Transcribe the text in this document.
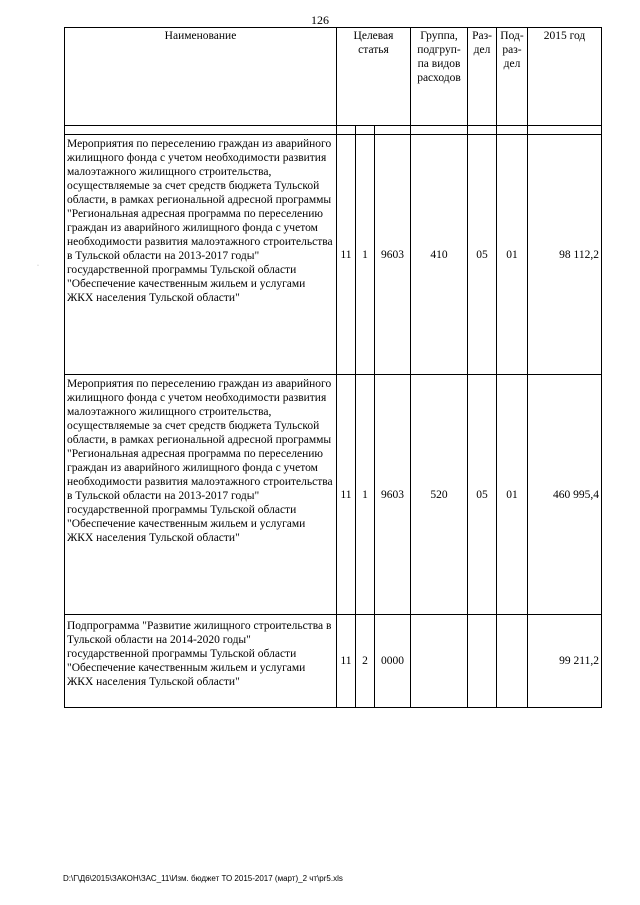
126
·
Наименование	Целевая статья			Группа, подгруп-па видов расходов	Раз-дел	Под-раз-дел	2015 год

Мероприятия по переселению граждан из аварийного жилищного фонда с учетом необходимости развития малоэтажного жилищного строительства, осуществляемые за счет средств бюджета Тульской области, в рамках региональной адресной программы "Региональная адресная программа по переселению граждан из аварийного жилищного фонда с учетом необходимости развития малоэтажного строительства в Тульской области на 2013-2017 годы" государственной программы Тульской области "Обеспечение качественным жильем и услугами ЖКХ населения Тульской области"	11	1	9603	410	05	01	98 112,2
Мероприятия по переселению граждан из аварийного жилищного фонда с учетом необходимости развития малоэтажного жилищного строительства, осуществляемые за счет средств бюджета Тульской области, в рамках региональной адресной программы "Региональная адресная программа по переселению граждан из аварийного жилищного фонда с учетом необходимости развития малоэтажного строительства в Тульской области на 2013-2017 годы" государственной программы Тульской области "Обеспечение качественным жильем и услугами ЖКХ населения Тульской области"	11	1	9603	520	05	01	460 995,4
Подпрограмма "Развитие жилищного строительства в Тульской области на 2014-2020 годы" государственной программы Тульской области "Обеспечение качественным жильем и услугами ЖКХ населения Тульской области"	11	2	0000				99 211,2
D:\Г\Д6\2015\ЗАКОН\ЗАС_11\Изм. бюджет ТО 2015-2017 (март)_2 чт\pr5.xls
